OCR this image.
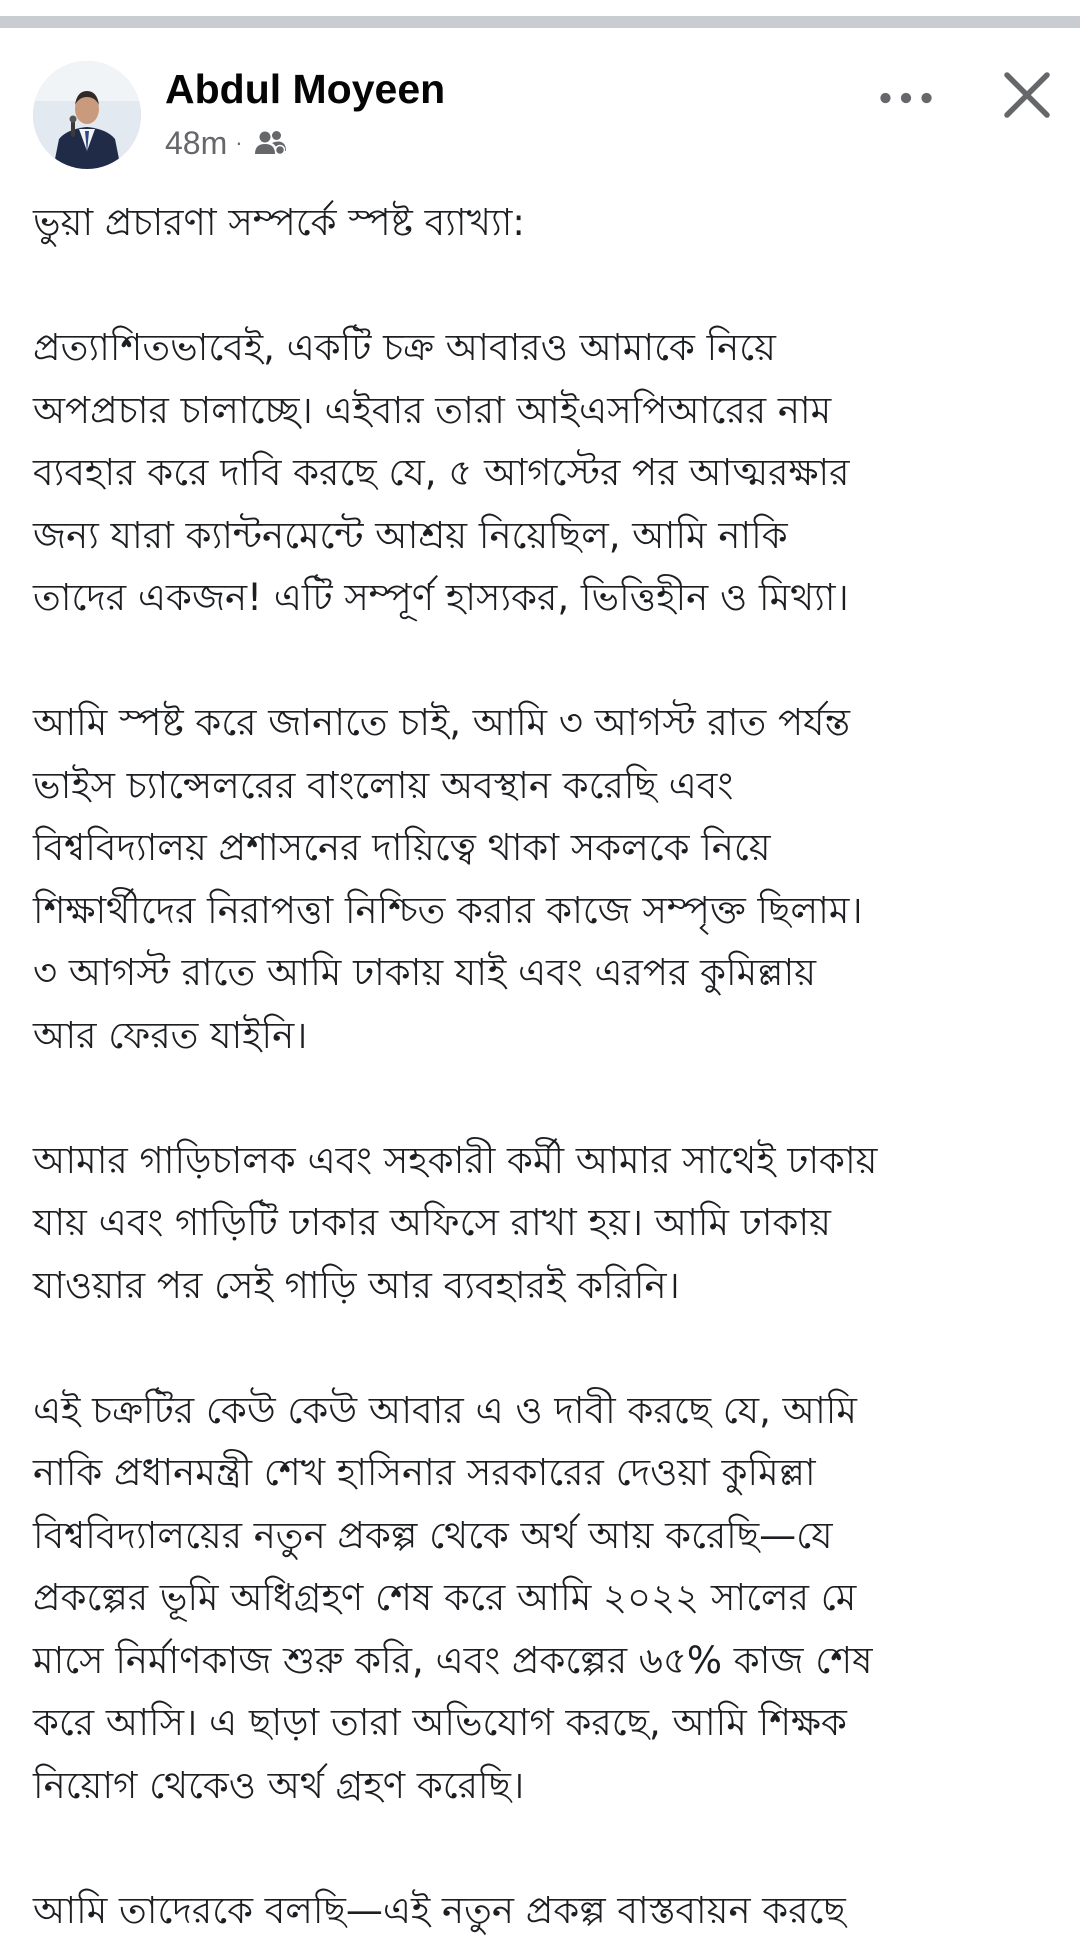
Abdul Moyeen
48m ·

ভুয়া প্রচারণা সম্পর্কে স্পষ্ট ব্যাখ্যা:

প্রত্যাশিতভাবেই, একটি চক্র আবারও আমাকে নিয়ে
অপপ্রচার চালাচ্ছে। এইবার তারা আইএসপিআরের নাম
ব্যবহার করে দাবি করছে যে, ৫ আগস্টের পর আত্মরক্ষার
জন্য যারা ক্যান্টনমেন্টে আশ্রয় নিয়েছিল, আমি নাকি
তাদের একজন! এটি সম্পূর্ণ হাস্যকর, ভিত্তিহীন ও মিথ্যা।

আমি স্পষ্ট করে জানাতে চাই, আমি ৩ আগস্ট রাত পর্যন্ত
ভাইস চ্যান্সেলরের বাংলোয় অবস্থান করেছি এবং
বিশ্ববিদ্যালয় প্রশাসনের দায়িত্বে থাকা সকলকে নিয়ে
শিক্ষার্থীদের নিরাপত্তা নিশ্চিত করার কাজে সম্পৃক্ত ছিলাম।
৩ আগস্ট রাতে আমি ঢাকায় যাই এবং এরপর কুমিল্লায়
আর ফেরত যাইনি।

আমার গাড়িচালক এবং সহকারী কর্মী আমার সাথেই ঢাকায়
যায় এবং গাড়িটি ঢাকার অফিসে রাখা হয়। আমি ঢাকায়
যাওয়ার পর সেই গাড়ি আর ব্যবহারই করিনি।

এই চক্রটির কেউ কেউ আবার এ ও দাবী করছে যে, আমি
নাকি প্রধানমন্ত্রী শেখ হাসিনার সরকারের দেওয়া কুমিল্লা
বিশ্ববিদ্যালয়ের নতুন প্রকল্প থেকে অর্থ আয় করেছি—যে
প্রকল্পের ভূমি অধিগ্রহণ শেষ করে আমি ২০২২ সালের মে
মাসে নির্মাণকাজ শুরু করি, এবং প্রকল্পের ৬৫% কাজ শেষ
করে আসি। এ ছাড়া তারা অভিযোগ করছে, আমি শিক্ষক
নিয়োগ থেকেও অর্থ গ্রহণ করেছি।

আমি তাদেরকে বলছি—এই নতুন প্রকল্প বাস্তবায়ন করছে
